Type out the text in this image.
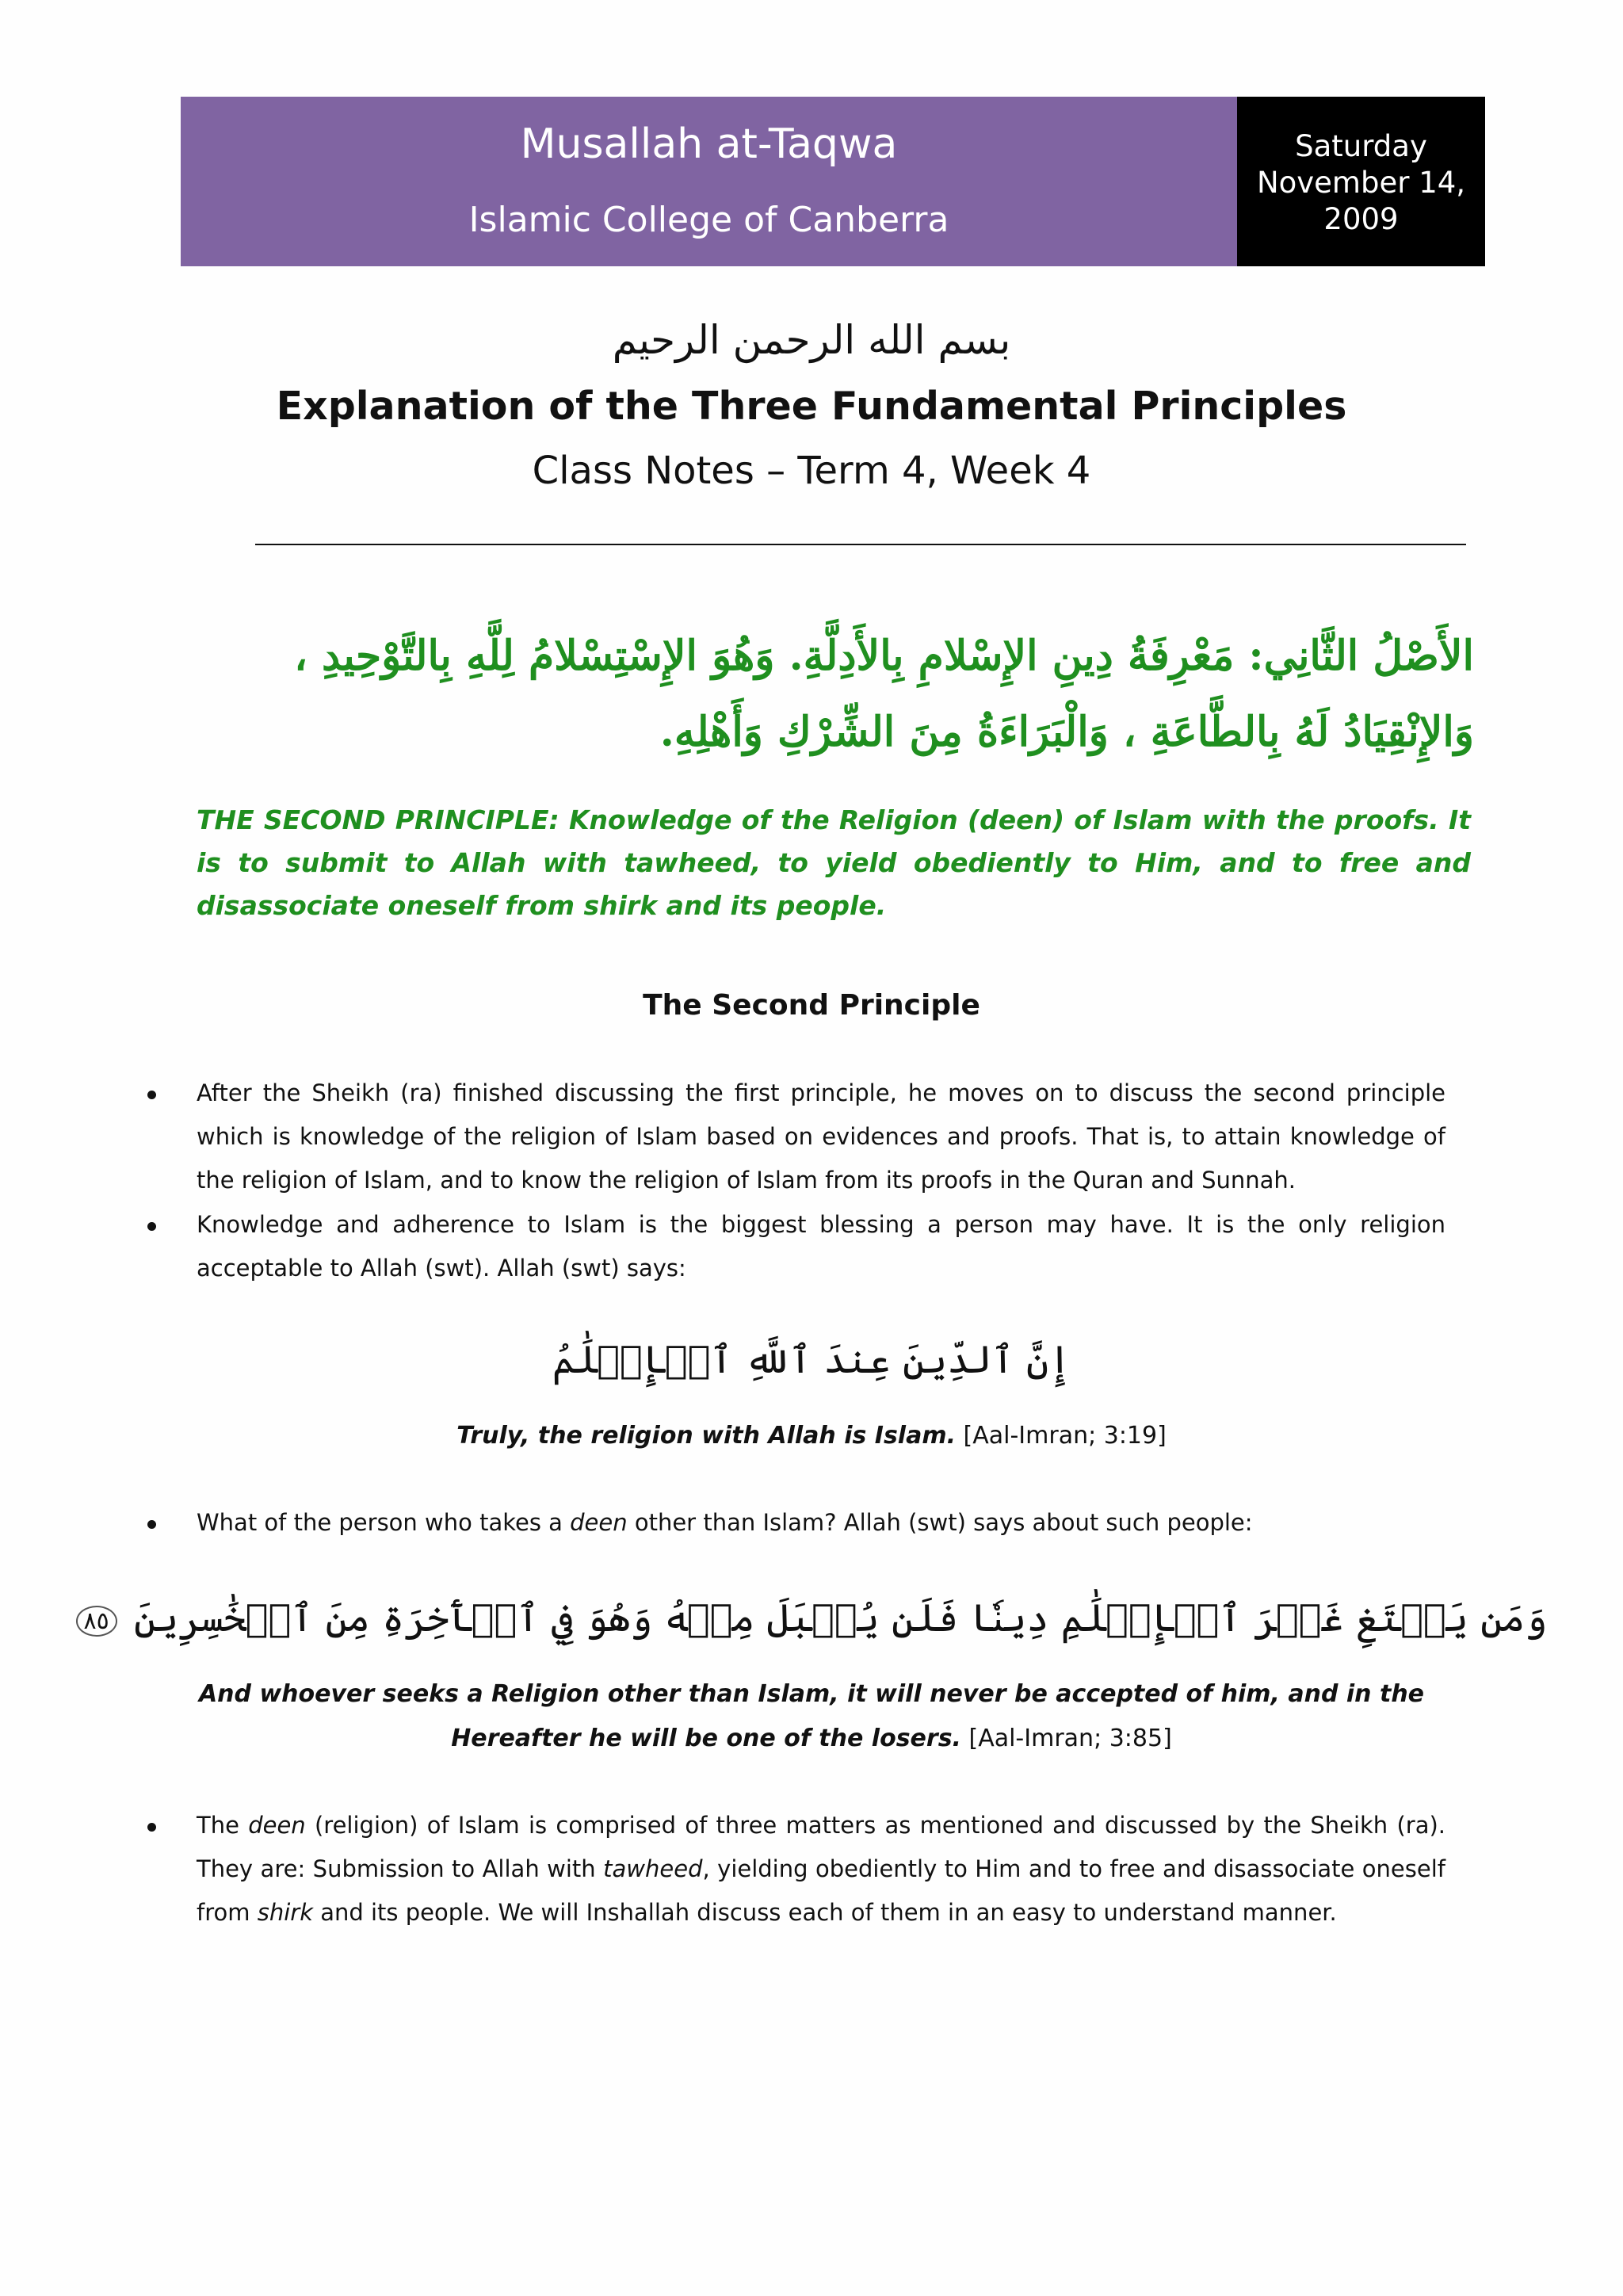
Musallah at-Taqwa
Islamic College of Canberra
Saturday
November 14,
2009
بسم الله الرحمن الرحيم
Explanation of the Three Fundamental Principles
Class Notes – Term 4, Week 4
الأَصْلُ الثَّانِي: مَعْرِفَةُ دِينِ الإِسْلامِ بِالأَدِلَّةِ. وَهُوَ الإِسْتِسْلامُ لِلَّهِ بِالتَّوْحِيدِ ، وَالإِنْقِيَادُ لَهُ بِالطَّاعَةِ ، وَالْبَرَاءَةُ مِنَ الشِّرْكِ وَأَهْلِهِ.
THE SECOND PRINCIPLE: Knowledge of the Religion (deen) of Islam with the proofs. It is to submit to Allah with tawheed, to yield obediently to Him, and to free and disassociate oneself from shirk and its people.
The Second Principle
After the Sheikh (ra) finished discussing the first principle, he moves on to discuss the second principle which is knowledge of the religion of Islam based on evidences and proofs. That is, to attain knowledge of the religion of Islam, and to know the religion of Islam from its proofs in the Quran and Sunnah.
Knowledge and adherence to Islam is the biggest blessing a person may have. It is the only religion acceptable to Allah (swt). Allah (swt) says:
إِنَّ ٱلدِّينَ عِندَ ٱللَّهِ ٱلۡإِسۡلَٰمُ
Truly, the religion with Allah is Islam. [Aal-Imran; 3:19]
What of the person who takes a deen other than Islam? Allah (swt) says about such people:
وَمَن يَبۡتَغِ غَيۡرَ ٱلۡإِسۡلَٰمِ دِينٗا فَلَن يُقۡبَلَ مِنۡهُ وَهُوَ فِي ٱلۡأٓخِرَةِ مِنَ ٱلۡخَٰسِرِينَ ٨٥
And whoever seeks a Religion other than Islam, it will never be accepted of him, and in the Hereafter he will be one of the losers. [Aal-Imran; 3:85]
The deen (religion) of Islam is comprised of three matters as mentioned and discussed by the Sheikh (ra). They are: Submission to Allah with tawheed, yielding obediently to Him and to free and disassociate oneself from shirk and its people. We will Inshallah discuss each of them in an easy to understand manner.
